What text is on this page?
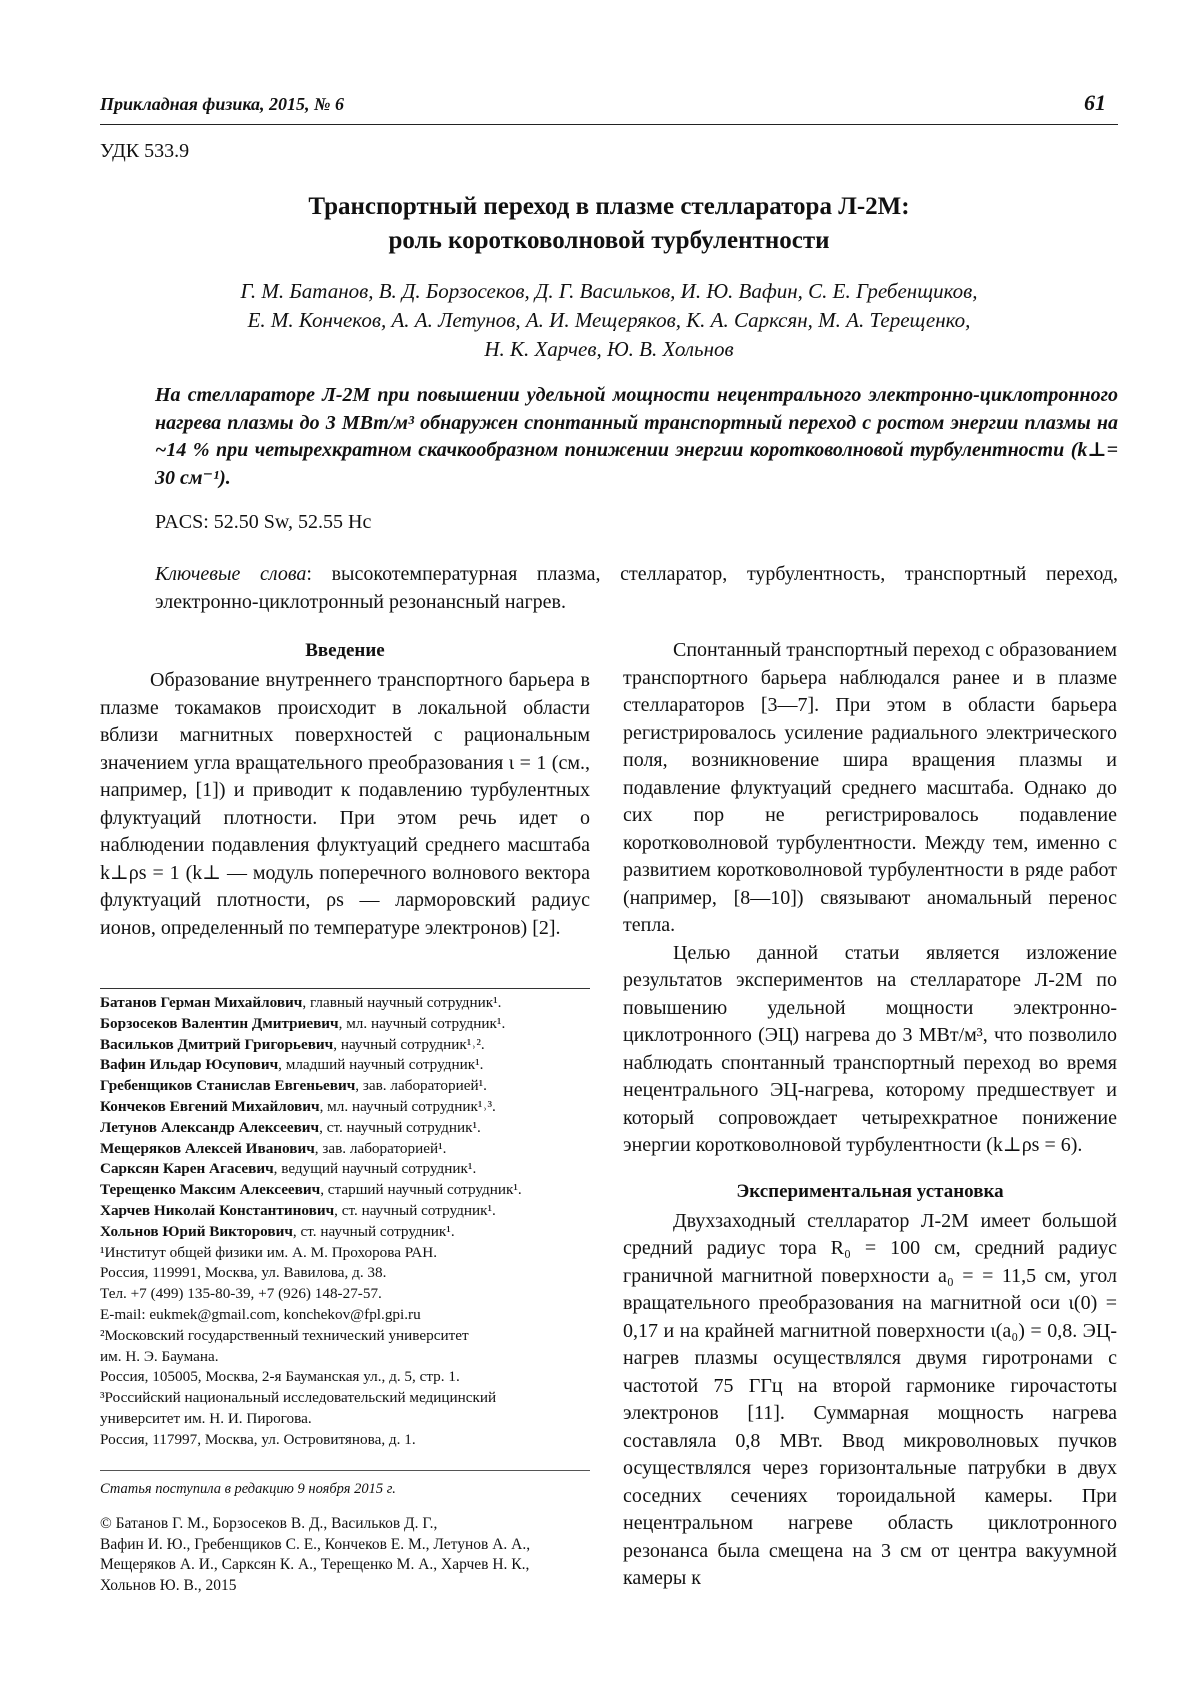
Прикладная физика, 2015, № 6	61
УДК 533.9
Транспортный переход в плазме стелларатора Л-2М:
роль коротковолновой турбулентности
Г. М. Батанов, В. Д. Борзосеков, Д. Г. Васильков, И. Ю. Вафин, С. Е. Гребенщиков,
Е. М. Кончеков, А. А. Летунов, А. И. Мещеряков, К. А. Сарксян, М. А. Терещенко,
Н. К. Харчев, Ю. В. Хольнов
На стеллараторе Л-2М при повышении удельной мощности нецентрального электронно-циклотронного нагрева плазмы до 3 МВт/м³ обнаружен спонтанный транспортный переход с ростом энергии плазмы на ~14 % при четырехкратном скачкообразном понижении энергии коротковолновой турбулентности (k⊥= 30 см⁻¹).
PACS: 52.50 Sw, 52.55 Hc
Ключевые слова: высокотемпературная плазма, стелларатор, турбулентность, транспортный переход, электронно-циклотронный резонансный нагрев.
Введение

Образование внутреннего транспортного барьера в плазме токамаков происходит в локальной области вблизи магнитных поверхностей с рациональным значением угла вращательного преобразования ι = 1 (см., например, [1]) и приводит к подавлению турбулентных флуктуаций плотности. При этом речь идет о наблюдении подавления флуктуаций среднего масштаба k⊥ρs = 1 (k⊥ — модуль поперечного волнового вектора флуктуаций плотности, ρs — ларморовский радиус ионов, определенный по температуре электронов) [2].

Батанов Герман Михайлович, главный научный сотрудник¹.
Борзосеков Валентин Дмитриевич, мл. научный сотрудник¹.
Васильков Дмитрий Григорьевич, научный сотрудник¹˒².
Вафин Ильдар Юсупович, младший научный сотрудник¹.
Гребенщиков Станислав Евгеньевич, зав. лабораторией¹.
Кончеков Евгений Михайлович, мл. научный сотрудник¹˒³.
Летунов Александр Алексеевич, ст. научный сотрудник¹.
Мещеряков Алексей Иванович, зав. лабораторией¹.
Сарксян Карен Агасевич, ведущий научный сотрудник¹.
Терещенко Максим Алексеевич, старший научный сотрудник¹.
Харчев Николай Константинович, ст. научный сотрудник¹.
Хольнов Юрий Викторович, ст. научный сотрудник¹.
¹Институт общей физики им. А. М. Прохорова РАН.
Россия, 119991, Москва, ул. Вавилова, д. 38.
Тел. +7 (499) 135-80-39, +7 (926) 148-27-57.
E-mail: eukmek@gmail.com, konchekov@fpl.gpi.ru
²Московский государственный технический университет
им. Н. Э. Баумана.
Россия, 105005, Москва, 2-я Бауманская ул., д. 5, стр. 1.
³Российский национальный исследовательский медицинский
университет им. Н. И. Пирогова.
Россия, 117997, Москва, ул. Островитянова, д. 1.
Статья поступила в редакцию 9 ноября 2015 г.
© Батанов Г. М., Борзосеков В. Д., Васильков Д. Г.,
Вафин И. Ю., Гребенщиков С. Е., Кончеков Е. М., Летунов А. А.,
Мещеряков А. И., Сарксян К. А., Терещенко М. А., Харчев Н. К.,
Хольнов Ю. В., 2015

Спонтанный транспортный переход с образованием транспортного барьера наблюдался ранее и в плазме стеллараторов [3—7]. При этом в области барьера регистрировалось усиление радиального электрического поля, возникновение шира вращения плазмы и подавление флуктуаций среднего масштаба. Однако до сих пор не регистрировалось подавление коротковолновой турбулентности. Между тем, именно с развитием коротковолновой турбулентности в ряде работ (например, [8—10]) связывают аномальный перенос тепла.

Целью данной статьи является изложение результатов экспериментов на стеллараторе Л-2М по повышению удельной мощности электронно-циклотронного (ЭЦ) нагрева до 3 МВт/м³, что позволило наблюдать спонтанный транспортный переход во время нецентрального ЭЦ-нагрева, которому предшествует и который сопровождает четырехкратное понижение энергии коротковолновой турбулентности (k⊥ρs = 6).

Экспериментальная установка

Двухзаходный стелларатор Л-2М имеет большой средний радиус тора R₀ = 100 см, средний радиус граничной магнитной поверхности a₀ = = 11,5 см, угол вращательного преобразования на магнитной оси ι(0) = 0,17 и на крайней магнитной поверхности ι(a₀) = 0,8. ЭЦ-нагрев плазмы осуществлялся двумя гиротронами с частотой 75 ГГц на второй гармонике гирочастоты электронов [11]. Суммарная мощность нагрева составляла 0,8 МВт. Ввод микроволновых пучков осуществлялся через горизонтальные патрубки в двух соседних сечениях тороидальной камеры. При нецентральном нагреве область циклотронного резонанса была смещена на 3 см от центра вакуумной камеры к
